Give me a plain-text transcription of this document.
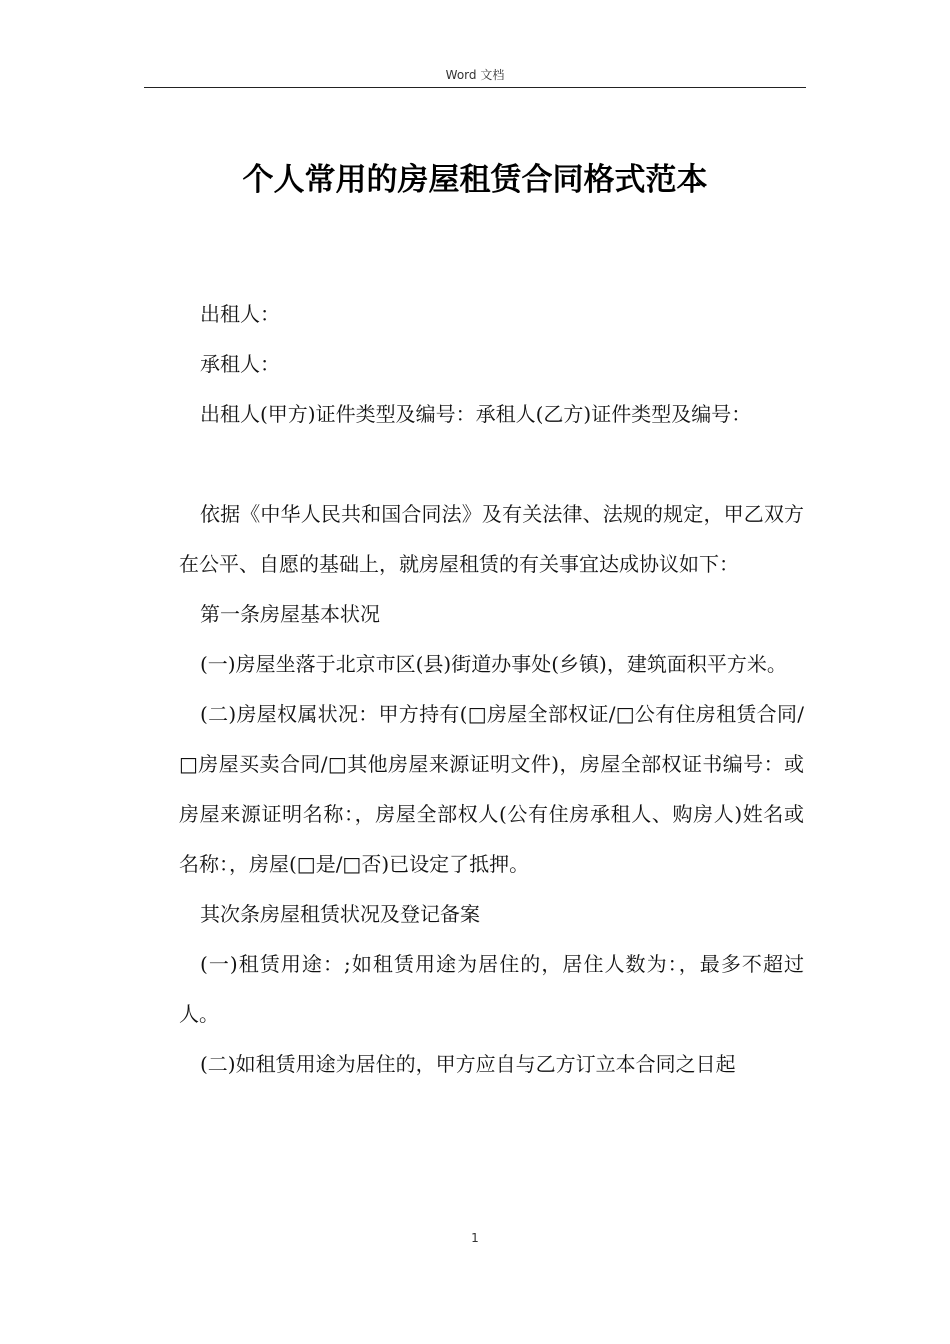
Word 文档
个人常用的房屋租赁合同格式范本

出租人：

承租人：

出租人(甲方)证件类型及编号：承租人(乙方)证件类型及编号：

依据《中华人民共和国合同法》及有关法律、法规的规定，甲乙双方在公平、自愿的基础上，就房屋租赁的有关事宜达成协议如下：

第一条房屋基本状况

(一)房屋坐落于北京市区(县)街道办事处(乡镇)，建筑面积平方米。

(二)房屋权属状况：甲方持有(□房屋全部权证/□公有住房租赁合同/□房屋买卖合同/□其他房屋来源证明文件)，房屋全部权证书编号：或房屋来源证明名称：，房屋全部权人(公有住房承租人、购房人)姓名或名称：，房屋(□是/□否)已设定了抵押。

其次条房屋租赁状况及登记备案

(一)租赁用途：;如租赁用途为居住的，居住人数为：，最多不超过人。

(二)如租赁用途为居住的，甲方应自与乙方订立本合同之日起

1
